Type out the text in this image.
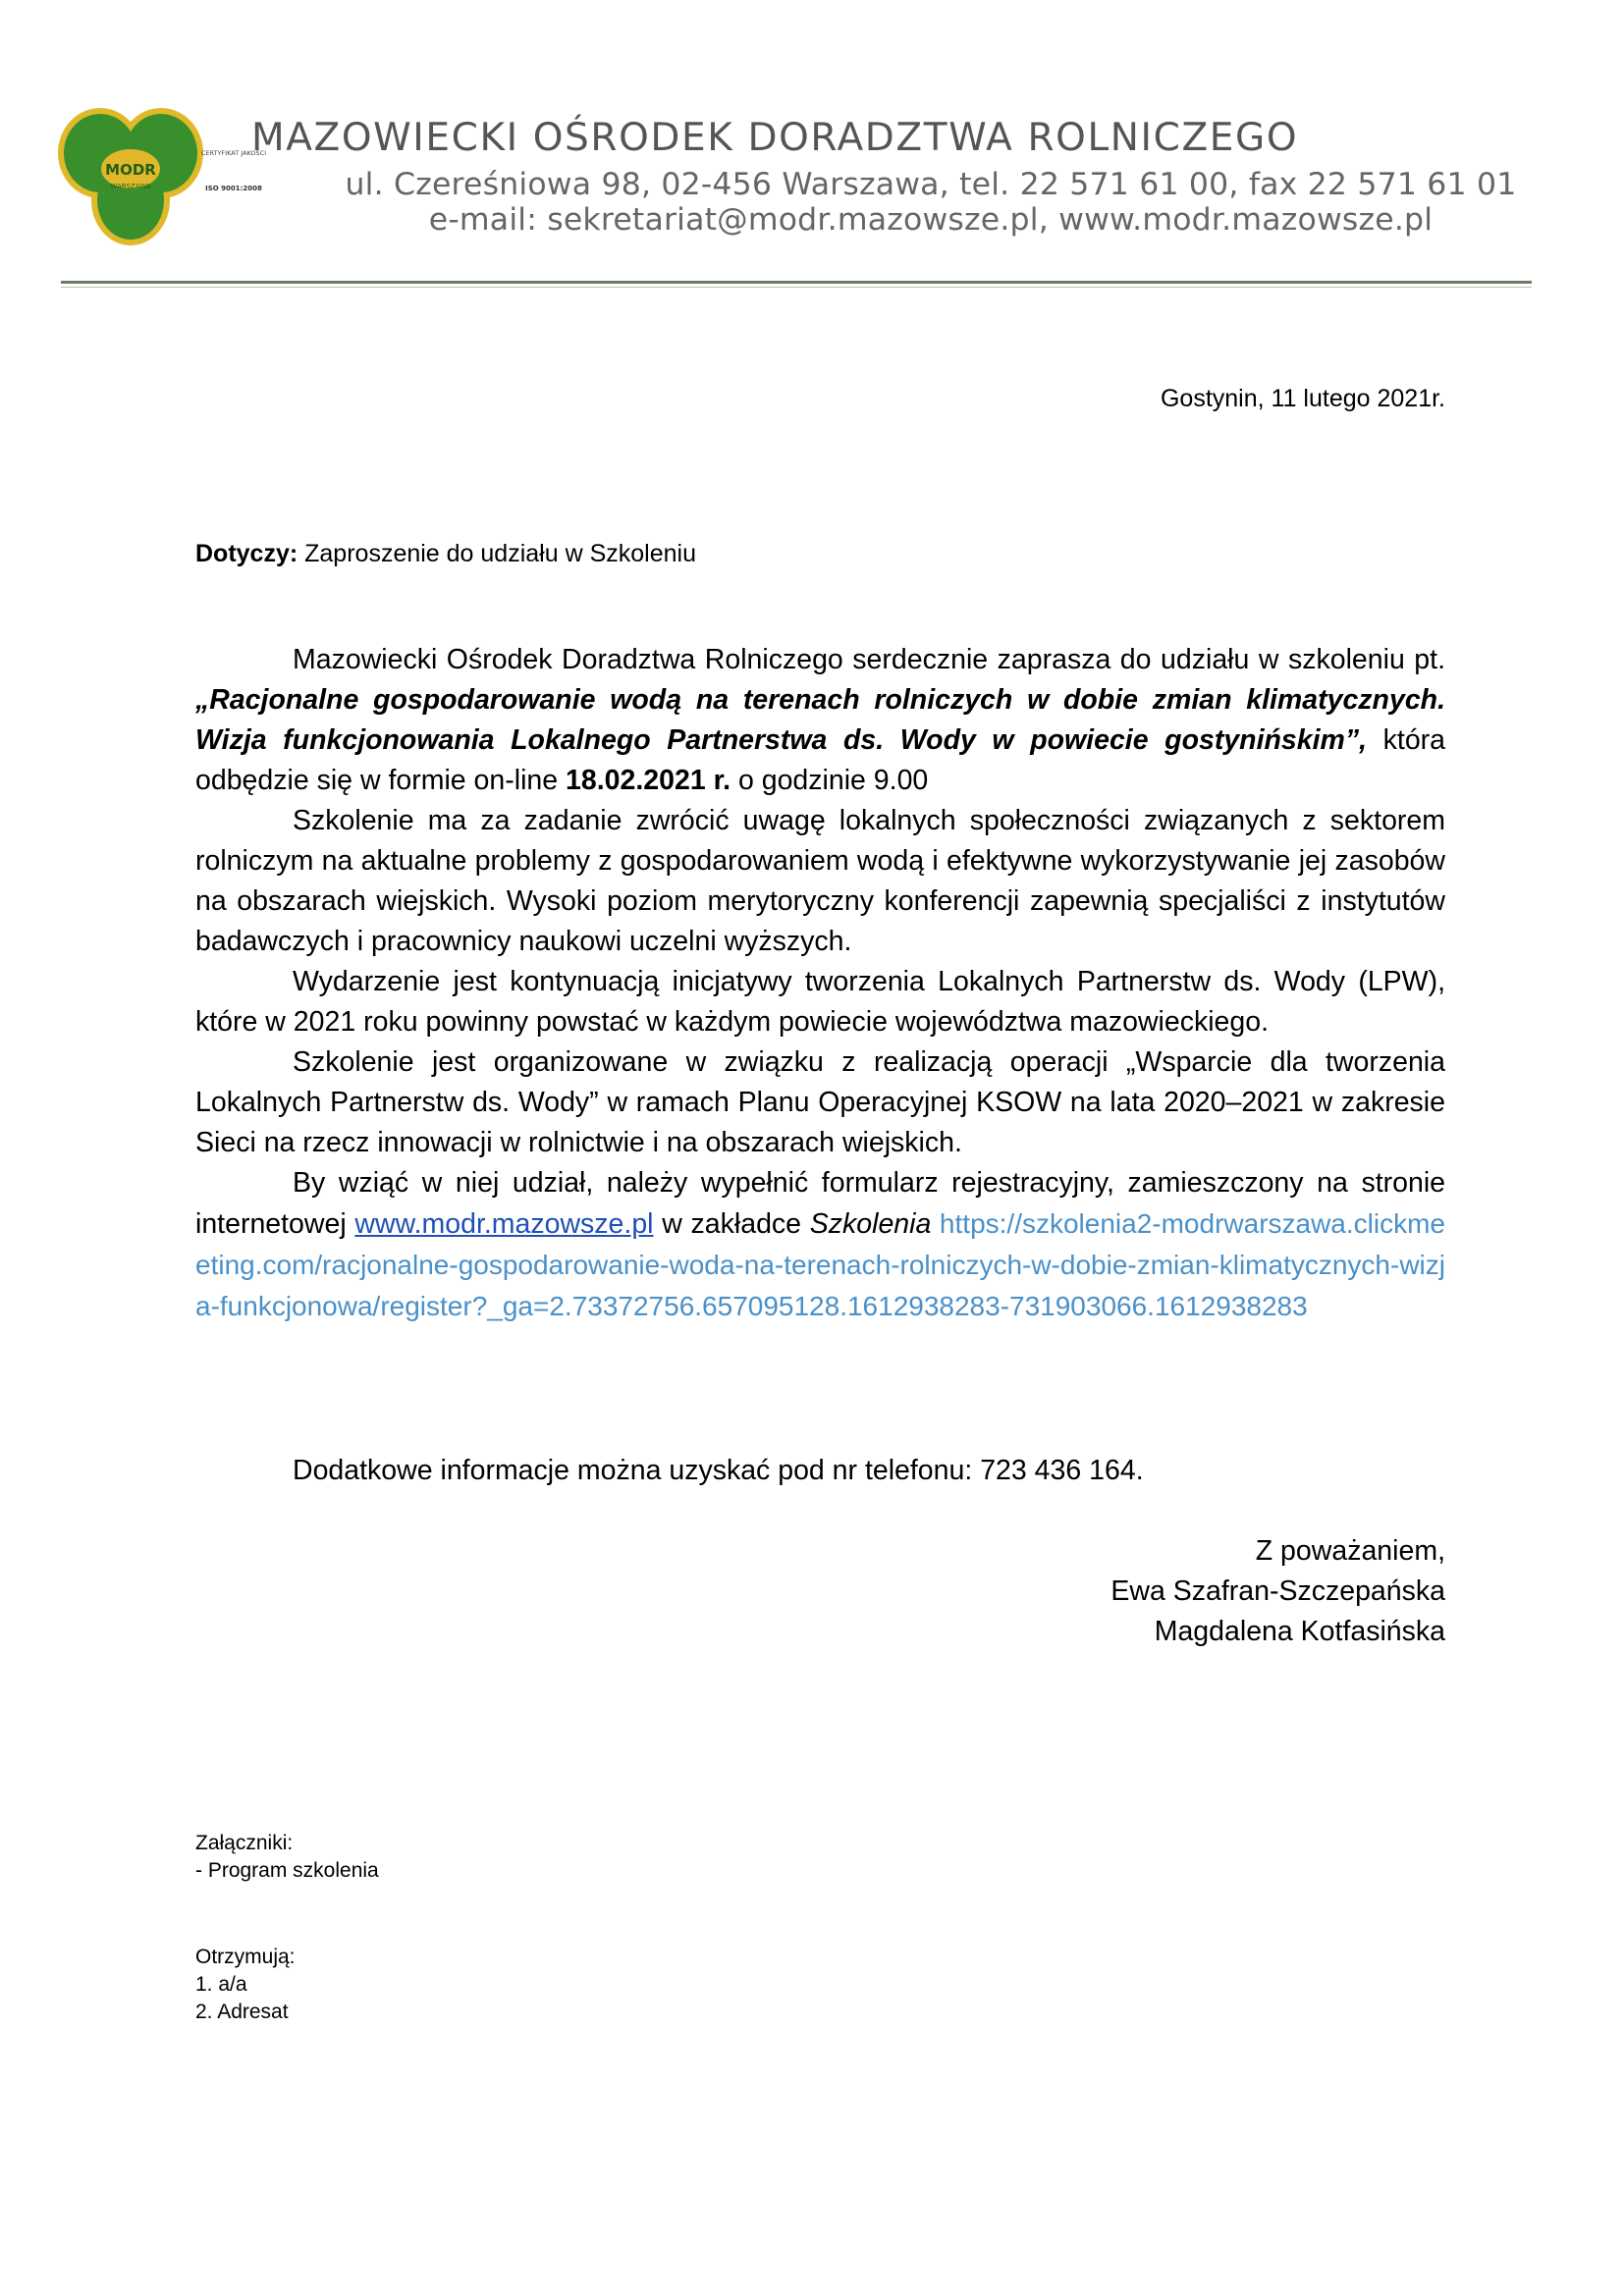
MODR
WARSZAWA
CERTYFIKAT JAKOŚCI
ISO 9001:2008
MAZOWIECKI OŚRODEK DORADZTWA ROLNICZEGO
ul. Czereśniowa 98, 02-456 Warszawa, tel. 22 571 61 00, fax 22 571 61 01
e-mail: sekretariat@modr.mazowsze.pl, www.modr.mazowsze.pl
Gostynin, 11 lutego 2021r.
Dotyczy: Zaproszenie do udziału w Szkoleniu

Mazowiecki Ośrodek Doradztwa Rolniczego serdecznie zaprasza do udziału w szkoleniu pt. „Racjonalne gospodarowanie wodą na terenach rolniczych w dobie zmian klimatycznych. Wizja funkcjonowania Lokalnego Partnerstwa ds. Wody w powiecie gostynińskim”, która odbędzie się w formie on-line 18.02.2021 r. o godzinie 9.00

Szkolenie ma za zadanie zwrócić uwagę lokalnych społeczności związanych z sektorem rolniczym na aktualne problemy z gospodarowaniem wodą i efektywne wykorzystywanie jej zasobów na obszarach wiejskich. Wysoki poziom merytoryczny konferencji zapewnią specjaliści z instytutów badawczych i pracownicy naukowi uczelni wyższych.

Wydarzenie jest kontynuacją inicjatywy tworzenia Lokalnych Partnerstw ds. Wody (LPW), które w 2021 roku powinny powstać w każdym powiecie województwa mazowieckiego.

Szkolenie jest organizowane w związku z realizacją operacji „Wsparcie dla tworzenia Lokalnych Partnerstw ds. Wody” w ramach Planu Operacyjnej KSOW na lata 2020–2021 w zakresie Sieci na rzecz innowacji w rolnictwie i na obszarach wiejskich.

By wziąć w niej udział, należy wypełnić formularz rejestracyjny, zamieszczony na stronie internetowej www.modr.mazowsze.pl w zakładce Szkolenia https://szkolenia2-modrwarszawa.clickmeeting.com/racjonalne-gospodarowanie-woda-na-terenach-rolniczych-w-dobie-zmian-klimatycznych-wizja-funkcjonowa/register?_ga=2.73372756.657095128.1612938283-731903066.1612938283

Dodatkowe informacje można uzyskać pod nr telefonu: 723 436 164.

Z poważaniem,
Ewa Szafran-Szczepańska
Magdalena Kotfasińska
Załączniki:
- Program szkolenia
Otrzymują:
1. a/a
2. Adresat
